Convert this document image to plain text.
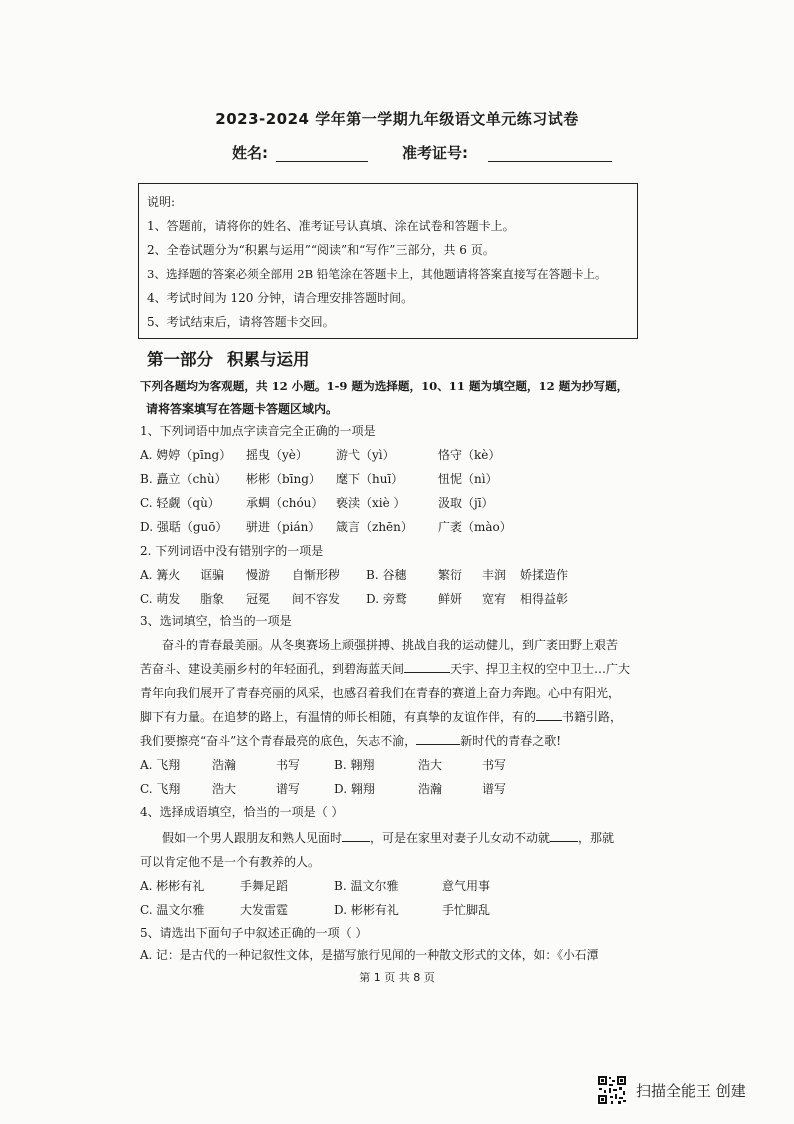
2023-2024 学年第一学期九年级语文单元练习试卷
姓名:	准考证号:
说明:
1、答题前，请将你的姓名、准考证号认真填、涂在试卷和答题卡上。
2、全卷试题分为“积累与运用”“阅读”和“写作”三部分，共 6 页。
3、选择题的答案必须全部用 2B 铅笔涂在答题卡上，其他题请将答案直接写在答题卡上。
4、考试时间为 120 分钟，请合理安排答题时间。
5、考试结束后，请将答题卡交回。
第一部分 积累与运用
下列各题均为客观题，共 12 小题。1-9 题为选择题，10、11 题为填空题，12 题为抄写题，
请将答案填写在答题卡答题区域内。
1、下列词语中加点字读音完全正确的一项是
A. 娉婷（pīng） 摇曳（yè） 游弋（yì）	恪守（kè）
B. 矗立（chù） 彬彬（bīng） 麾下（huī）	忸怩（nì）
C. 轻觑（qù） 承蜩（chóu） 亵渎（xiè ）	汲取（jī）
D. 强聒（guō） 骈进（pián） 箴言（zhēn） 广袤（mào）
2. 下列词语中没有错别字的一项是
A. 篝火 诓骗 慢游 自惭形秽 B. 谷穗	繁衍 丰润 娇揉造作
C. 萌发 脂象 冠冕 间不容发 D. 旁鹜	鲜妍 宽宥 相得益彰
3、选词填空，恰当的一项是
奋斗的青春最美丽。从冬奥赛场上顽强拼搏、挑战自我的运动健儿，到广袤田野上艰苦
苦奋斗、建设美丽乡村的年轻面孔，到碧海蓝天间	天宇、捍卫主权的空中卫士…广大
青年向我们展开了青春亮丽的风采，也感召着我们在青春的赛道上奋力奔跑。心中有阳光，
脚下有力量。在追梦的路上，有温情的师长相随，有真挚的友谊作伴，有的 书籍引路，
我们要擦亮“奋斗”这个青春最亮的底色，矢志不渝，	新时代的青春之歌!
A. 飞翔	浩瀚	书写	B. 翱翔	浩大	书写
C. 飞翔	浩大	谱写	D. 翱翔	浩瀚	谱写
4、选择成语填空，恰当的一项是（ ）
假如一个男人跟朋友和熟人见面时 ，可是在家里对妻子儿女动不动就 ，那就
可以肯定他不是一个有教养的人。
A. 彬彬有礼	手舞足蹈	B. 温文尔雅	意气用事
C. 温文尔雅	大发雷霆	D. 彬彬有礼	手忙脚乱
5、请选出下面句子中叙述正确的一项（ ）
A. 记：是古代的一种记叙性文体，是描写旅行见闻的一种散文形式的文体，如：《小石潭
第 1 页 共 8 页
扫描全能王 创建
